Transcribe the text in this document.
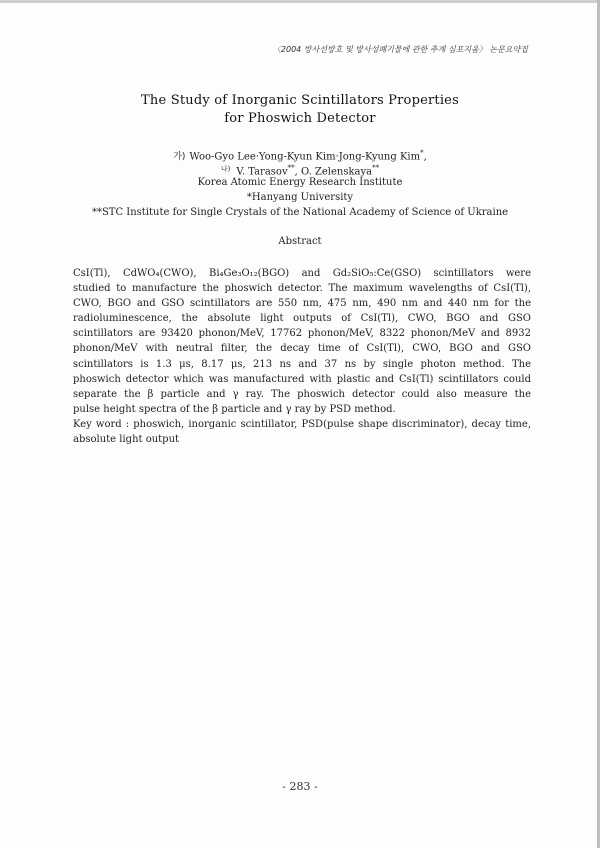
〈2004 방사선방호 및 방사성폐기물에 관한 추계 심포지움〉 논문요약집
The Study of Inorganic Scintillators Properties
for Phoswich Detector
가) Woo-Gyo Lee·Yong-Kyun Kim·Jong-Kyung Kim*,
$^{나)}$ V. Tarasov**, O. Zelenskaya**
Korea Atomic Energy Research Institute
*Hanyang University
**STC Institute for Single Crystals of the National Academy of Science of Ukraine
Abstract
CsI(Tl), CdWO₄(CWO), Bi₄Ge₃O₁₂(BGO) and Gd₂SiO₅:Ce(GSO) scintillators were
studied to manufacture the phoswich detector. The maximum wavelengths of CsI(Tl),
CWO, BGO and GSO scintillators are 550 nm, 475 nm, 490 nm and 440 nm for the
radioluminescence, the absolute light outputs of CsI(Tl), CWO, BGO and GSO
scintillators are 93420 phonon/MeV, 17762 phonon/MeV, 8322 phonon/MeV and 8932
phonon/MeV with neutral filter, the decay time of CsI(Tl), CWO, BGO and GSO
scintillators is 1.3 μs, 8.17 μs, 213 ns and 37 ns by single photon method. The
phoswich detector which was manufactured with plastic and CsI(Tl) scintillators could
separate the β particle and γ ray. The phoswich detector could also measure the
pulse height spectra of the β particle and γ ray by PSD method.
Key word : phoswich, inorganic scintillator, PSD(pulse shape discriminator), decay time,
absolute light output
- 283 -
